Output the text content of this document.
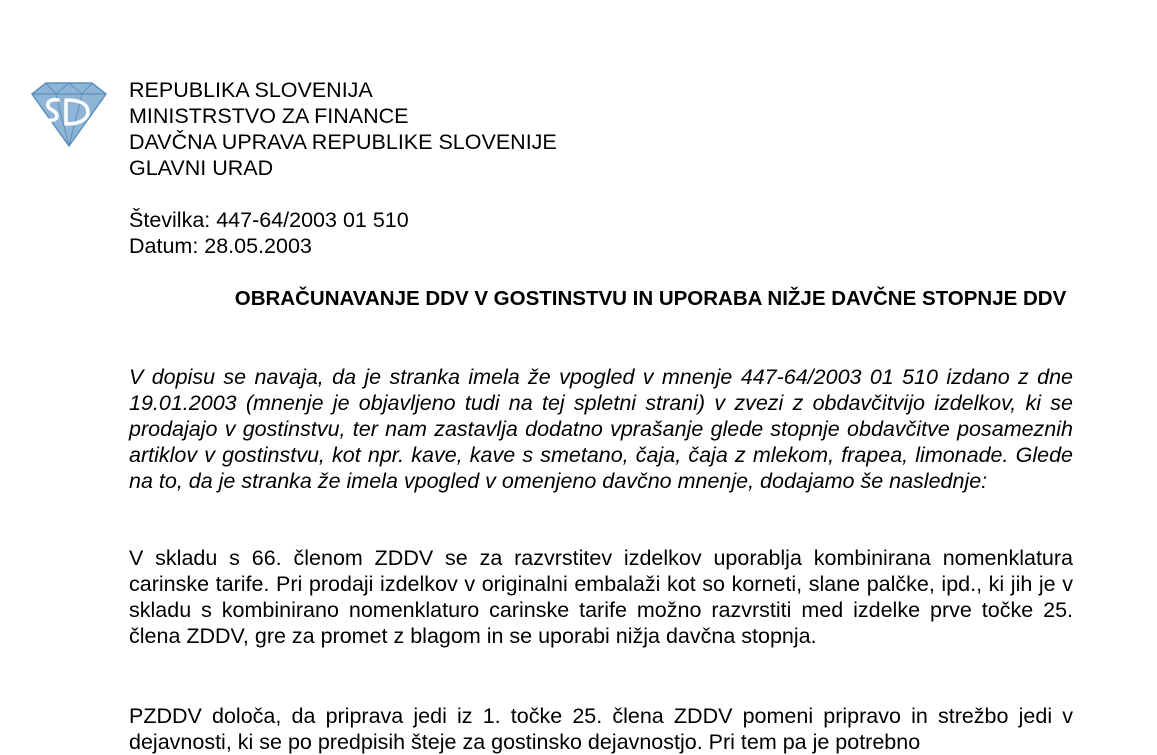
REPUBLIKA SLOVENIJA
MINISTRSTVO ZA FINANCE
DAVČNA UPRAVA REPUBLIKE SLOVENIJE
GLAVNI URAD
Številka: 447-64/2003 01 510
Datum: 28.05.2003
OBRAČUNAVANJE DDV V GOSTINSTVU IN UPORABA NIŽJE DAVČNE STOPNJE DDV
V dopisu se navaja, da je stranka imela že vpogled v mnenje 447-64/2003 01 510 izdano z dne 19.01.2003 (mnenje je objavljeno tudi na tej spletni strani) v zvezi z obdavčitvijo izdelkov, ki se prodajajo v gostinstvu, ter nam zastavlja dodatno vprašanje glede stopnje obdavčitve posameznih artiklov v gostinstvu, kot npr. kave, kave s smetano, čaja, čaja z mlekom, frapea, limonade. Glede na to, da je stranka že imela vpogled v omenjeno davčno mnenje, dodajamo še naslednje:
V skladu s 66. členom ZDDV se za razvrstitev izdelkov uporablja kombinirana nomenklatura carinske tarife. Pri prodaji izdelkov v originalni embalaži kot so korneti, slane palčke, ipd., ki jih je v skladu s kombinirano nomenklaturo carinske tarife možno razvrstiti med izdelke prve točke 25. člena ZDDV, gre za promet z blagom in se uporabi nižja davčna stopnja.
PZDDV določa, da priprava jedi iz 1. točke 25. člena ZDDV pomeni pripravo in strežbo jedi v dejavnosti, ki se po predpisih šteje za gostinsko dejavnostjo. Pri tem pa je potrebno
